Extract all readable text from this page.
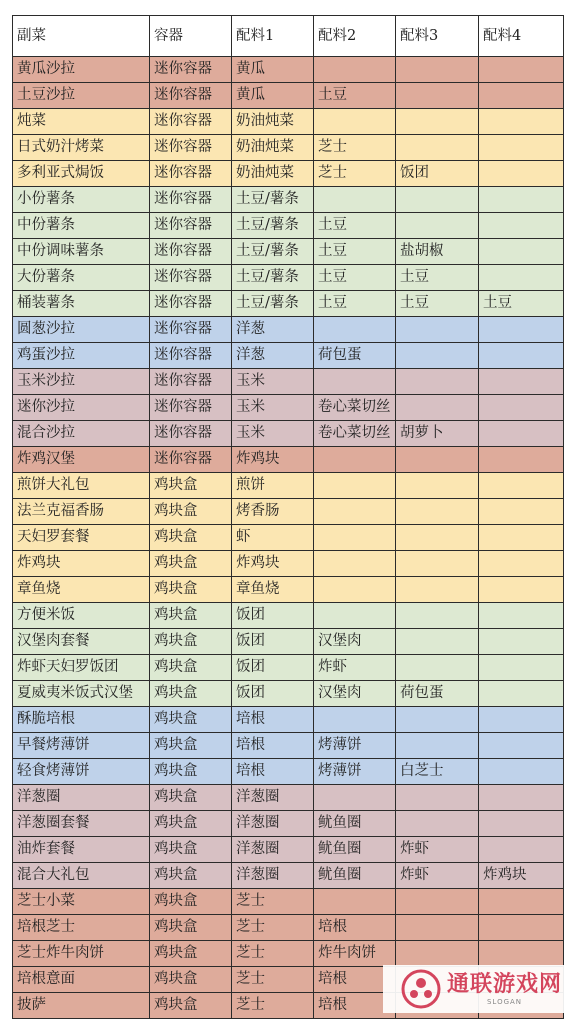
副菜	容器	配料1	配料2	配料3	配料4
黄瓜沙拉	迷你容器	黄瓜			
土豆沙拉	迷你容器	黄瓜	土豆		
炖菜	迷你容器	奶油炖菜			
日式奶汁烤菜	迷你容器	奶油炖菜	芝士		
多利亚式焗饭	迷你容器	奶油炖菜	芝士	饭团	
小份薯条	迷你容器	土豆/薯条			
中份薯条	迷你容器	土豆/薯条	土豆		
中份调味薯条	迷你容器	土豆/薯条	土豆	盐胡椒	
大份薯条	迷你容器	土豆/薯条	土豆	土豆	
桶装薯条	迷你容器	土豆/薯条	土豆	土豆	土豆
圆葱沙拉	迷你容器	洋葱			
鸡蛋沙拉	迷你容器	洋葱	荷包蛋		
玉米沙拉	迷你容器	玉米			
迷你沙拉	迷你容器	玉米	卷心菜切丝		
混合沙拉	迷你容器	玉米	卷心菜切丝	胡萝卜	
炸鸡汉堡	迷你容器	炸鸡块			
煎饼大礼包	鸡块盒	煎饼			
法兰克福香肠	鸡块盒	烤香肠			
天妇罗套餐	鸡块盒	虾			
炸鸡块	鸡块盒	炸鸡块			
章鱼烧	鸡块盒	章鱼烧			
方便米饭	鸡块盒	饭团			
汉堡肉套餐	鸡块盒	饭团	汉堡肉		
炸虾天妇罗饭团	鸡块盒	饭团	炸虾		
夏威夷米饭式汉堡	鸡块盒	饭团	汉堡肉	荷包蛋	
酥脆培根	鸡块盒	培根			
早餐烤薄饼	鸡块盒	培根	烤薄饼		
轻食烤薄饼	鸡块盒	培根	烤薄饼	白芝士	
洋葱圈	鸡块盒	洋葱圈			
洋葱圈套餐	鸡块盒	洋葱圈	鱿鱼圈		
油炸套餐	鸡块盒	洋葱圈	鱿鱼圈	炸虾	
混合大礼包	鸡块盒	洋葱圈	鱿鱼圈	炸虾	炸鸡块
芝士小菜	鸡块盒	芝士			
培根芝士	鸡块盒	芝士	培根		
芝士炸牛肉饼	鸡块盒	芝士	炸牛肉饼		
培根意面	鸡块盒	芝士	培根		
披萨	鸡块盒	芝士	培根		
通联游戏网
SLOGAN
